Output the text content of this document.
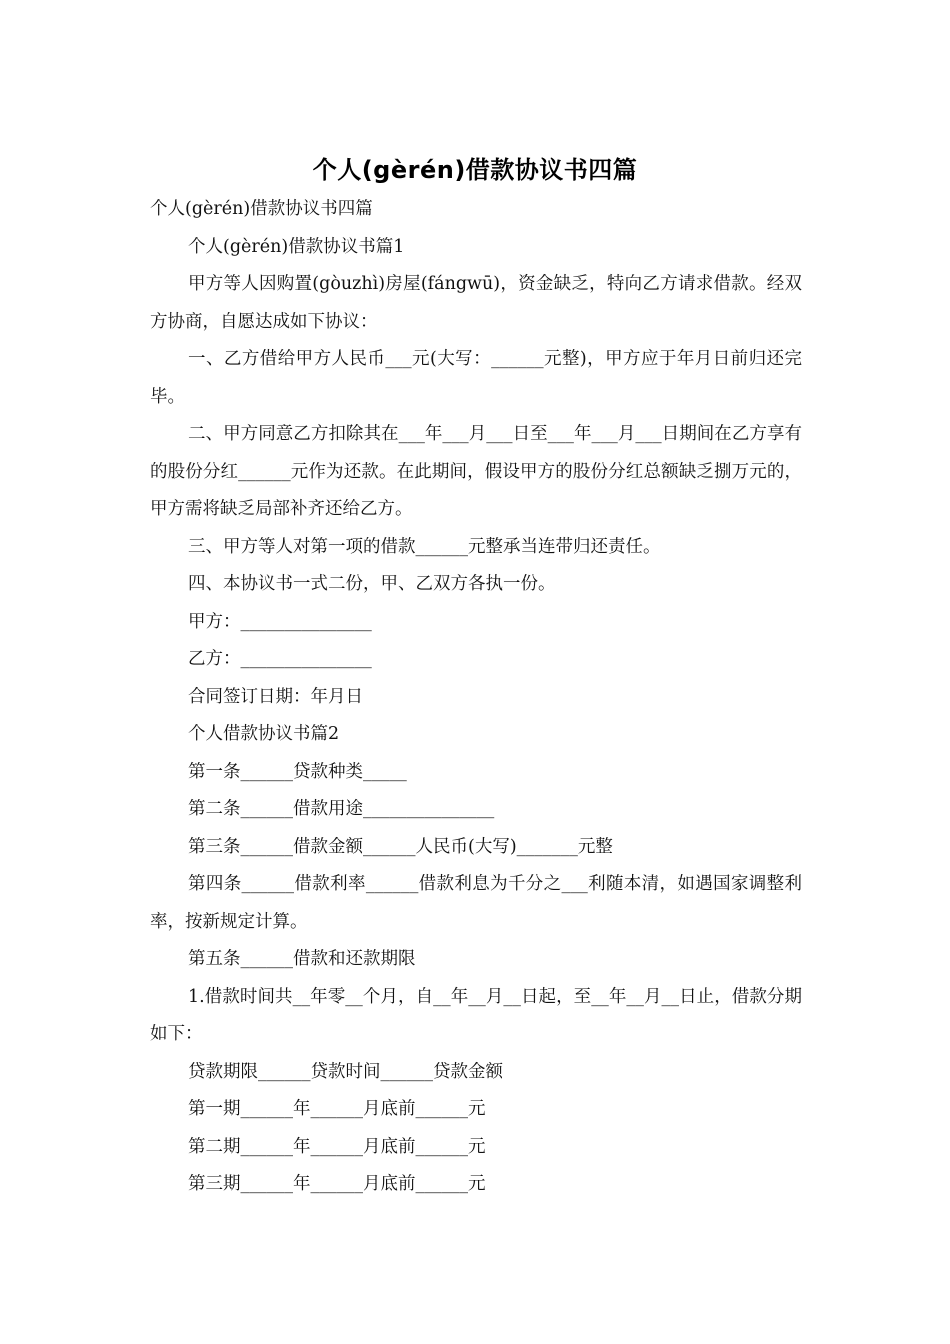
个人(gèrén)借款协议书四篇

个人(gèrén)借款协议书四篇

个人(gèrén)借款协议书篇1

甲方等人因购置(gòuzhì)房屋(fángwū)，资金缺乏，特向乙方请求借款。经双方协商，自愿达成如下协议：

一、乙方借给甲方人民币___元(大写：______元整)，甲方应于年月日前归还完毕。

二、甲方同意乙方扣除其在___年___月___日至___年___月___日期间在乙方享有的股份分红______元作为还款。在此期间，假设甲方的股份分红总额缺乏捌万元的，甲方需将缺乏局部补齐还给乙方。

三、甲方等人对第一项的借款______元整承当连带归还责任。

四、本协议书一式二份，甲、乙双方各执一份。

甲方：_______________

乙方：_______________

合同签订日期：年月日

个人借款协议书篇2

第一条______贷款种类_____

第二条______借款用途_______________

第三条______借款金额______人民币(大写)_______元整

第四条______借款利率______借款利息为千分之___利随本清，如遇国家调整利率，按新规定计算。

第五条______借款和还款期限

1.借款时间共__年零__个月，自__年__月__日起，至__年__月__日止，借款分期如下：

贷款期限______贷款时间______贷款金额

第一期______年______月底前______元

第二期______年______月底前______元

第三期______年______月底前______元
